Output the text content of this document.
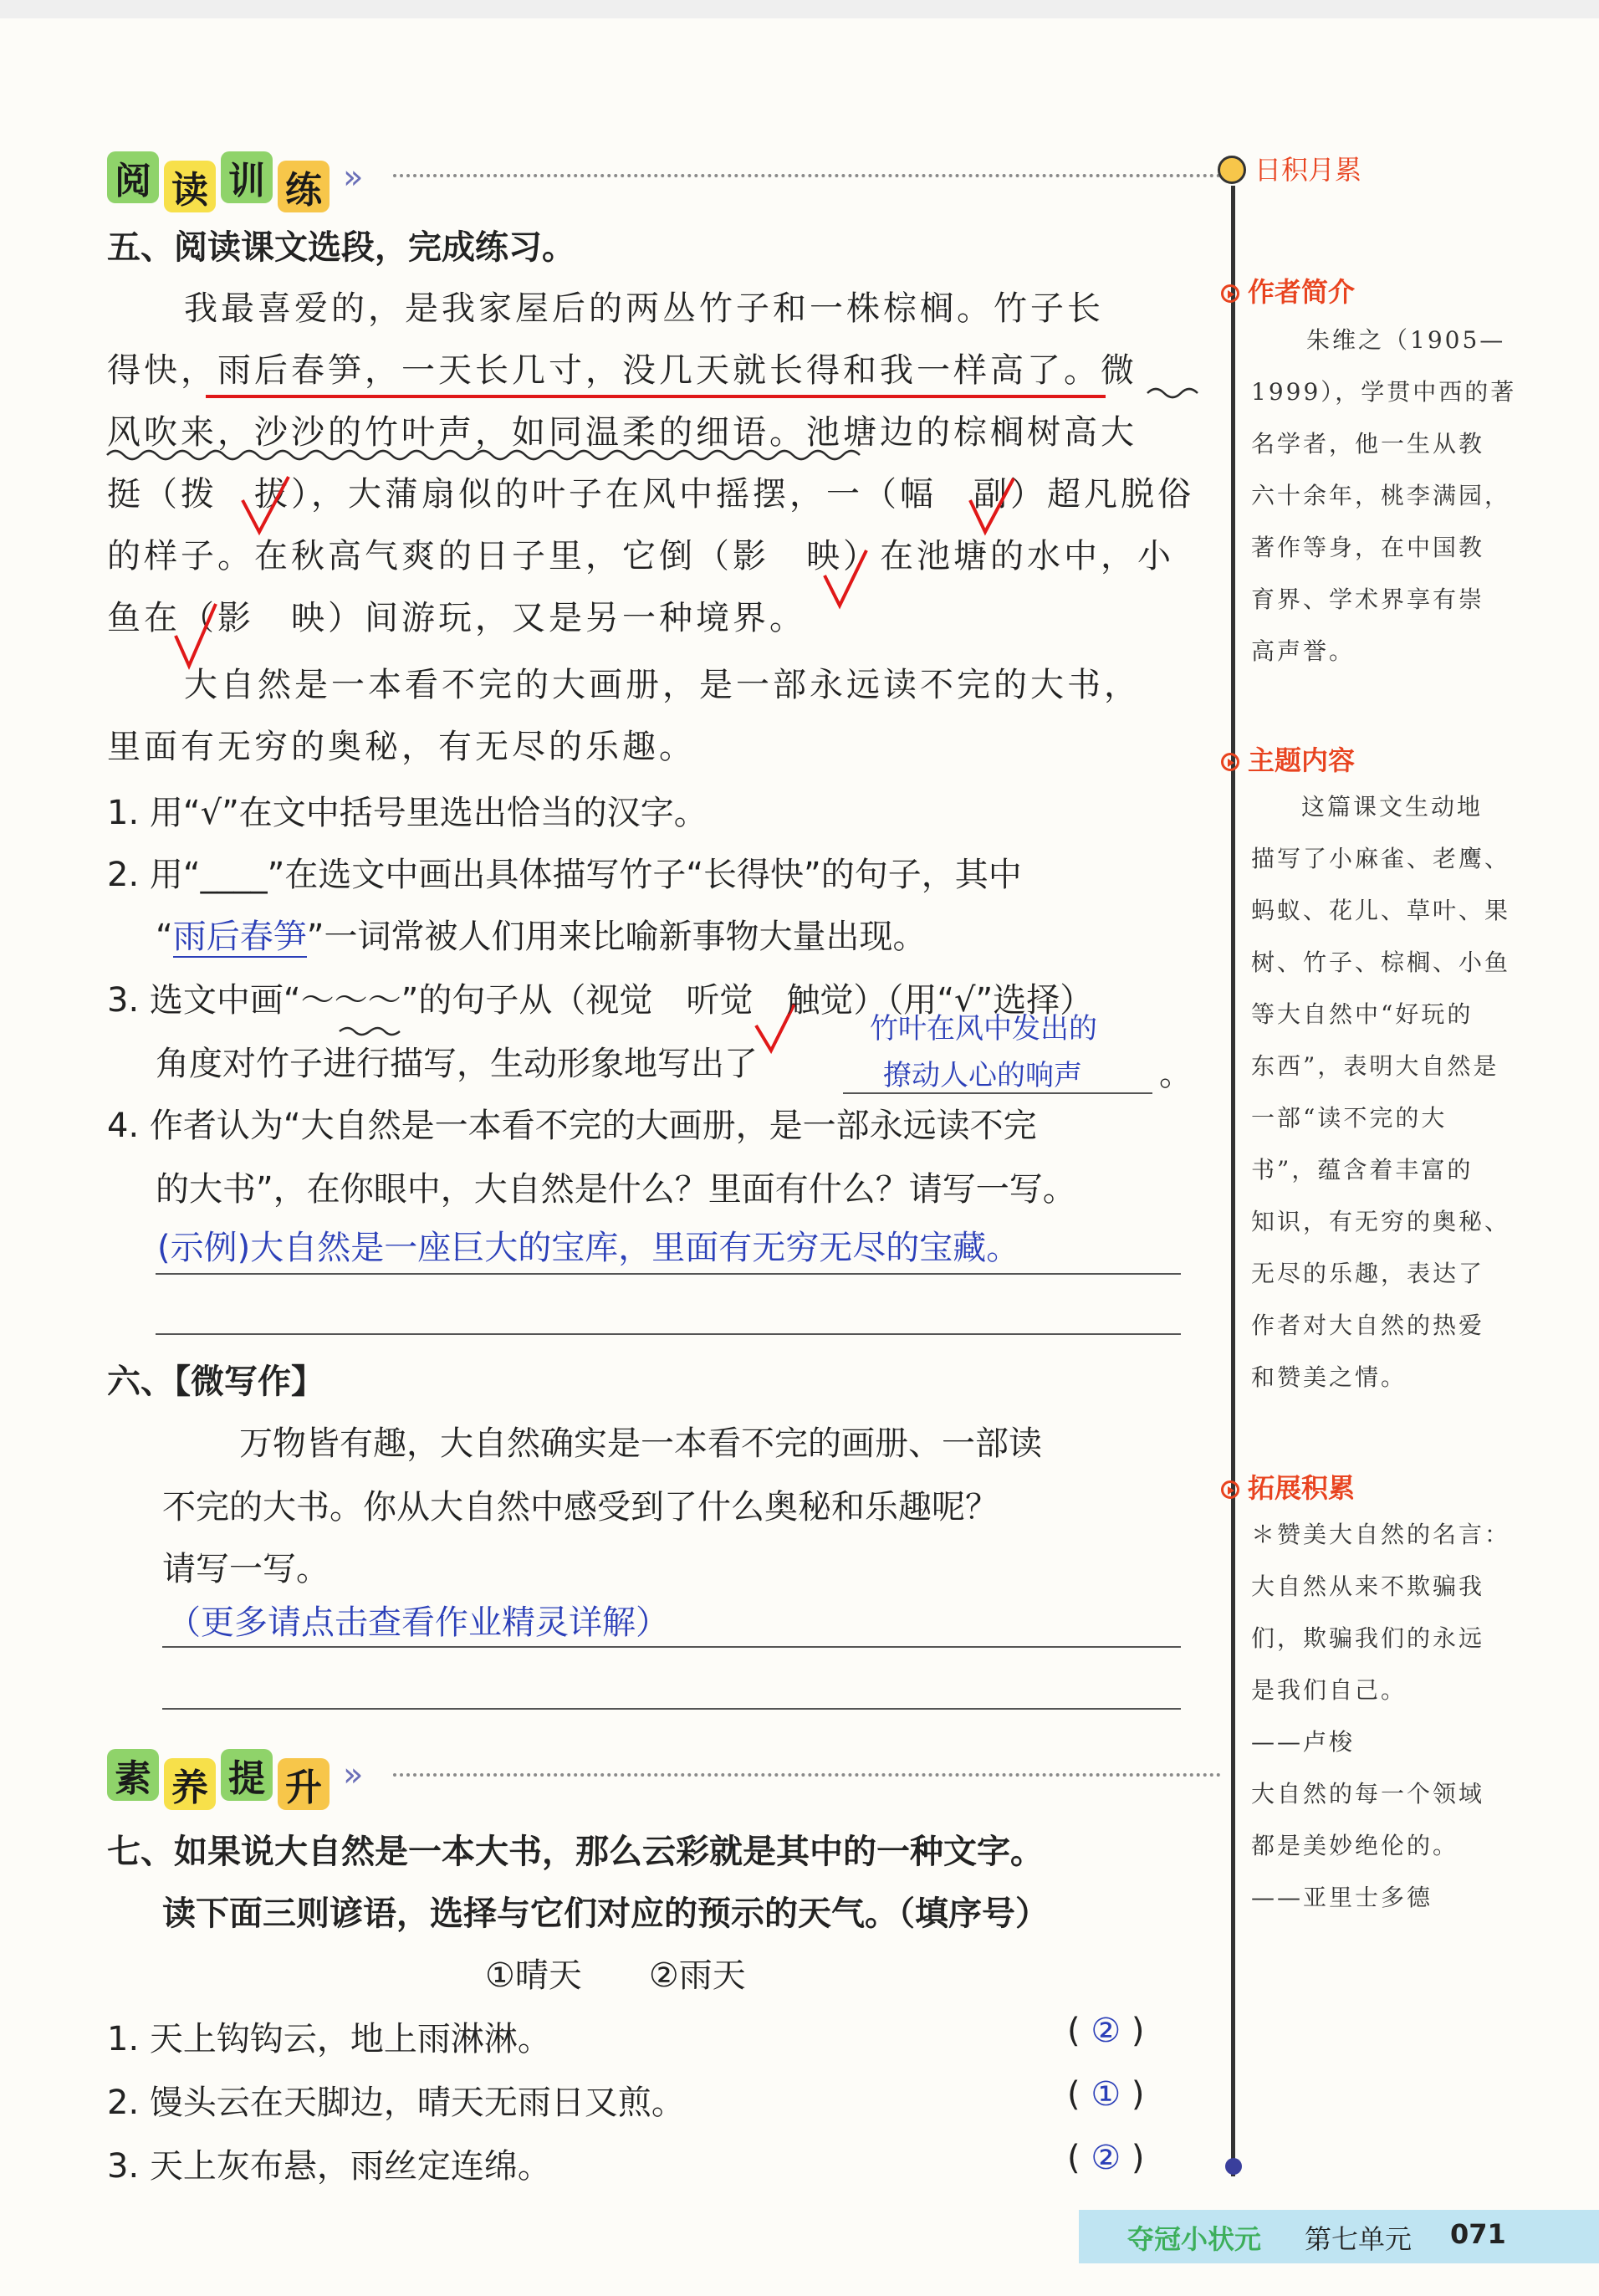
阅 读 训 练 »
五、阅读课文选段，完成练习。
我最喜爱的，是我家屋后的两丛竹子和一株棕榈。竹子长
得快，雨后春笋，一天长几寸，没几天就长得和我一样高了。微
风吹来，沙沙的竹叶声，如同温柔的细语。池塘边的棕榈树高大
挺（拨　拔），大蒲扇似的叶子在风中摇摆，一（幅　副）超凡脱俗
的样子。在秋高气爽的日子里，它倒（影　映）在池塘的水中，小
鱼在（影　映）间游玩，又是另一种境界。
大自然是一本看不完的大画册，是一部永远读不完的大书，
里面有无穷的奥秘，有无尽的乐趣。
1. 用“√”在文中括号里选出恰当的汉字。
2. 用“____”在选文中画出具体描写竹子“长得快”的句子，其中
“雨后春笋”一词常被人们用来比喻新事物大量出现。
3. 选文中画“～～～”的句子从（视觉　听觉　触觉）（用“√”选择）
角度对竹子进行描写，生动形象地写出了
竹叶在风中发出的
撩动人心的响声 。
4. 作者认为“大自然是一本看不完的大画册，是一部永远读不完
的大书”，在你眼中，大自然是什么？里面有什么？请写一写。
(示例)大自然是一座巨大的宝库，里面有无穷无尽的宝藏。
六、【微写作】
万物皆有趣，大自然确实是一本看不完的画册、一部读
不完的大书。你从大自然中感受到了什么奥秘和乐趣呢？
请写一写。
（更多请点击查看作业精灵详解）
素 养 提 升 »
七、如果说大自然是一本大书，那么云彩就是其中的一种文字。
读下面三则谚语，选择与它们对应的预示的天气。（填序号）
①晴天　　②雨天
1. 天上钩钩云，地上雨淋淋。	( ② )
2. 馒头云在天脚边，晴天无雨日又煎。	( ① )
3. 天上灰布悬，雨丝定连绵。	( ② )
日积月累
作者简介
朱维之（1905—
1999），学贯中西的著
名学者，他一生从教
六十余年，桃李满园，
著作等身，在中国教
育界、学术界享有崇
高声誉。
主题内容
这篇课文生动地
描写了小麻雀、老鹰、
蚂蚁、花儿、草叶、果
树、竹子、棕榈、小鱼
等大自然中“好玩的
东西”，表明大自然是
一部“读不完的大
书”，蕴含着丰富的
知识，有无穷的奥秘、
无尽的乐趣，表达了
作者对大自然的热爱
和赞美之情。
拓展积累
＊赞美大自然的名言：
大自然从来不欺骗我
们，欺骗我们的永远
是我们自己。
——卢梭
大自然的每一个领域
都是美妙绝伦的。
——亚里士多德
夺冠小状元 第七单元 071
